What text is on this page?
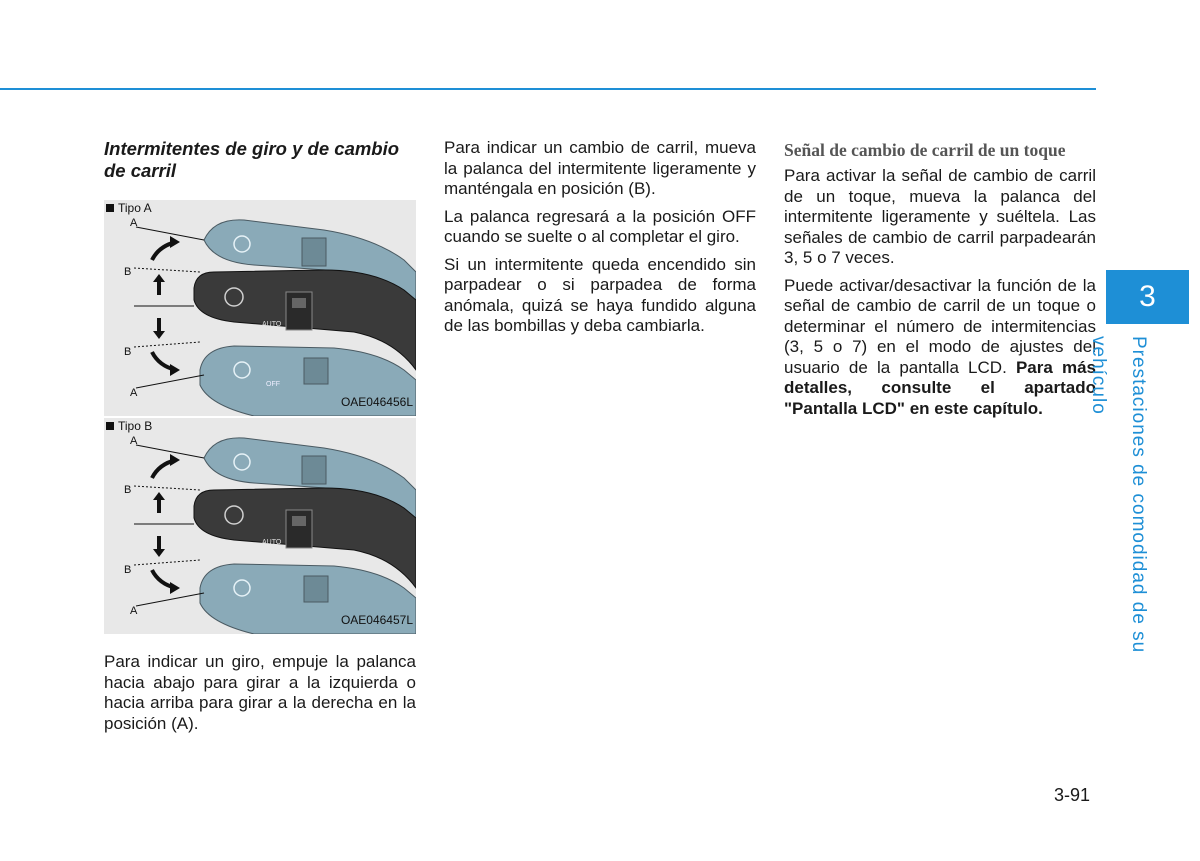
Intermitentes de giro y de cambio de carril
AUTO
OFF
Tipo A
A
B
B
A
OAE046456L
AUTO
Tipo B
A
B
B
A
OAE046457L

Para indicar un giro, empuje la palanca hacia abajo para girar a la izquierda o hacia arriba para girar a la derecha en la posición (A).

Para indicar un cambio de carril, mueva la palanca del intermitente ligeramente y manténgala en posición (B).

La palanca regresará a la posición OFF cuando se suelte o al completar el giro.

Si un intermitente queda encendido sin parpadear o si parpadea de forma anómala, quizá se haya fundido alguna de las bombillas y deba cambiarla.

Señal de cambio de carril de un toque

Para activar la señal de cambio de carril de un toque, mueva la palanca del intermitente ligeramente y suéltela. Las señales de cambio de carril parpadearán 3, 5 o 7 veces.

Puede activar/desactivar la función de la señal de cambio de carril de un toque o determinar el número de intermitencias (3, 5 o 7) en el modo de ajustes del usuario de la pantalla LCD. Para más detalles, consulte el apartado "Pantalla LCD" en este capítulo.

3
Prestaciones de comodidad de su vehículo
3-91
